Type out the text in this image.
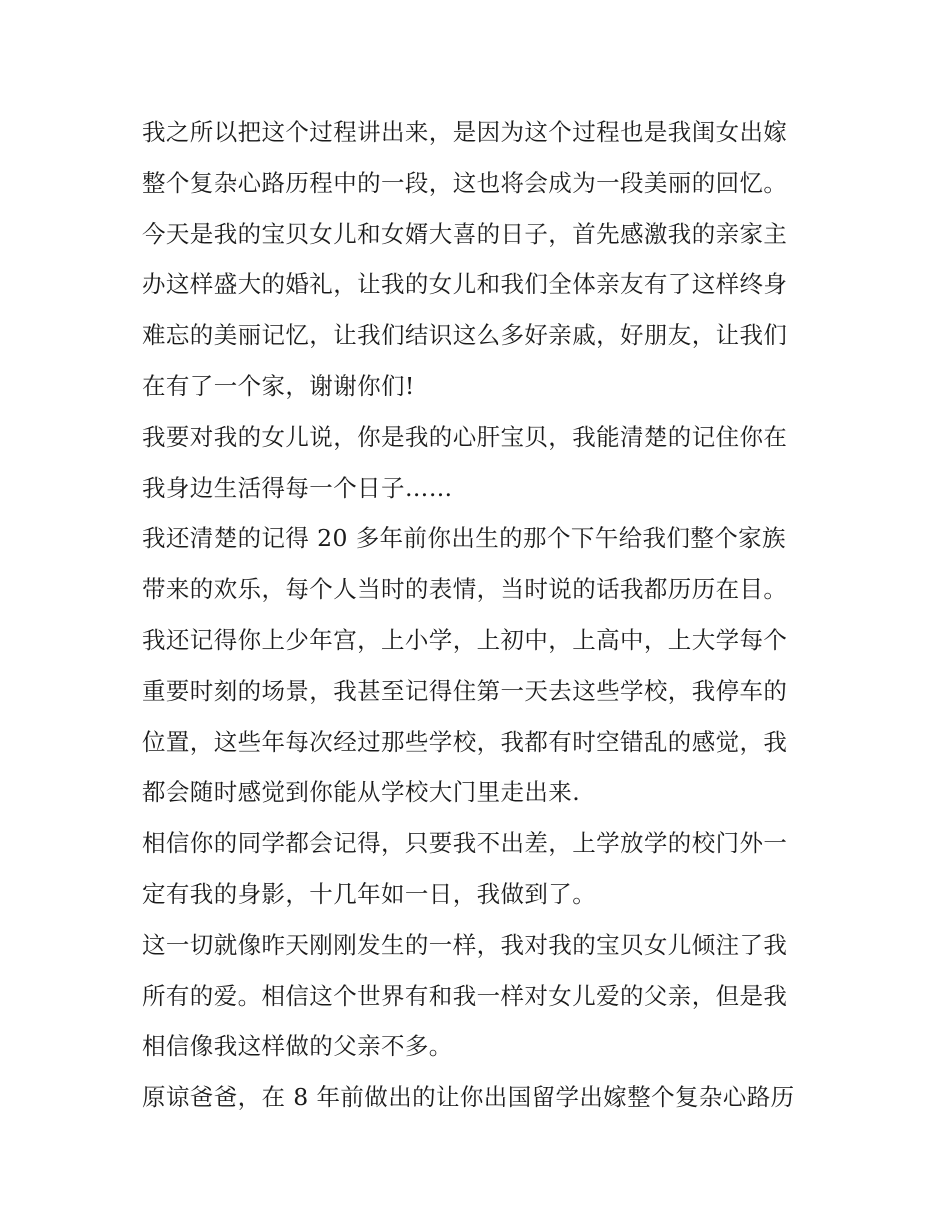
我之所以把这个过程讲出来，是因为这个过程也是我闺女出嫁
整个复杂心路历程中的一段，这也将会成为一段美丽的回忆。
今天是我的宝贝女儿和女婿大喜的日子，首先感激我的亲家主
办这样盛大的婚礼，让我的女儿和我们全体亲友有了这样终身
难忘的美丽记忆，让我们结识这么多好亲戚，好朋友，让我们
在有了一个家，谢谢你们!
我要对我的女儿说，你是我的心肝宝贝，我能清楚的记住你在
我身边生活得每一个日子……
我还清楚的记得 20 多年前你出生的那个下午给我们整个家族
带来的欢乐，每个人当时的表情，当时说的话我都历历在目。
我还记得你上少年宫，上小学，上初中，上高中，上大学每个
重要时刻的场景，我甚至记得住第一天去这些学校，我停车的
位置，这些年每次经过那些学校，我都有时空错乱的感觉，我
都会随时感觉到你能从学校大门里走出来.
相信你的同学都会记得，只要我不出差，上学放学的校门外一
定有我的身影，十几年如一日，我做到了。
这一切就像昨天刚刚发生的一样，我对我的宝贝女儿倾注了我
所有的爱。相信这个世界有和我一样对女儿爱的父亲，但是我
相信像我这样做的父亲不多。
原谅爸爸，在 8 年前做出的让你出国留学出嫁整个复杂心路历
